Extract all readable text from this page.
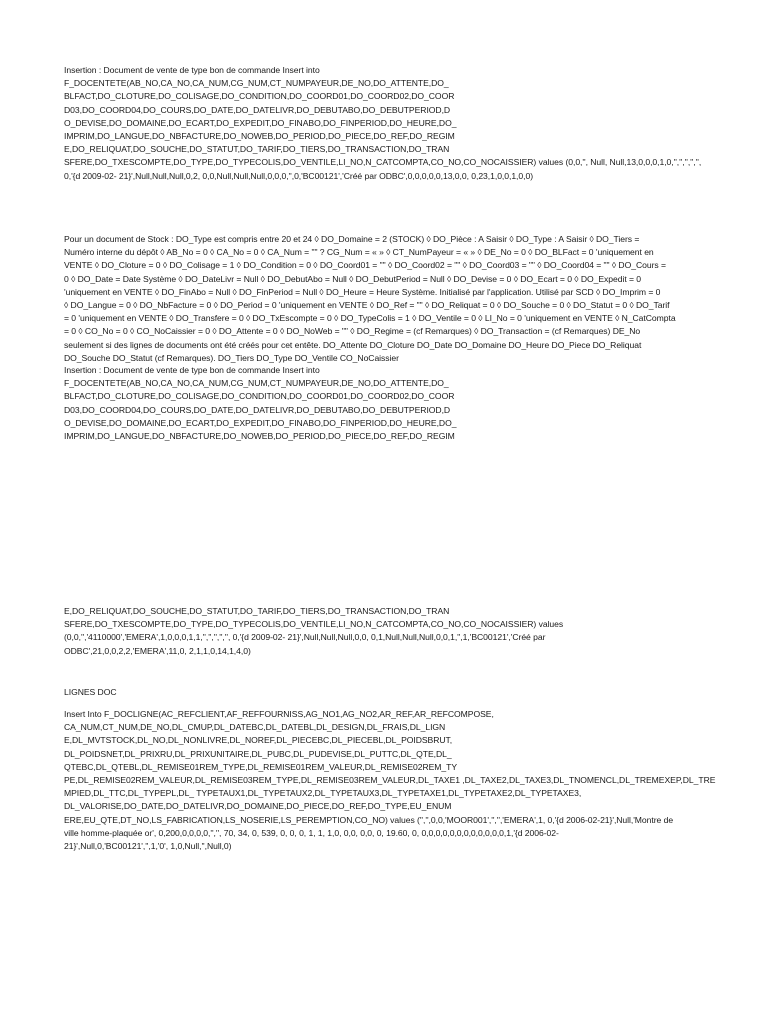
Insertion : Document de vente de type bon de commande Insert into
F_DOCENTETE(AB_NO,CA_NO,CA_NUM,CG_NUM,CT_NUMPAYEUR,DE_NO,DO_ATTENTE,DO_
BLFACT,DO_CLOTURE,DO_COLISAGE,DO_CONDITION,DO_COORD01,DO_COORD02,DO_COOR
D03,DO_COORD04,DO_COURS,DO_DATE,DO_DATELIVR,DO_DEBUTABO,DO_DEBUTPERIOD,D
O_DEVISE,DO_DOMAINE,DO_ECART,DO_EXPEDIT,DO_FINABO,DO_FINPERIOD,DO_HEURE,DO_
IMPRIM,DO_LANGUE,DO_NBFACTURE,DO_NOWEB,DO_PERIOD,DO_PIECE,DO_REF,DO_REGIM
E,DO_RELIQUAT,DO_SOUCHE,DO_STATUT,DO_TARIF,DO_TIERS,DO_TRANSACTION,DO_TRAN
SFERE,DO_TXESCOMPTE,DO_TYPE,DO_TYPECOLIS,DO_VENTILE,LI_NO,N_CATCOMPTA,CO_NO,CO_NOCAISSIER) values (0,0,'', Null, Null,13,0,0,0,1,0,'','','','','',
0,'{d 2009-02- 21}',Null,Null,Null,0,2, 0,0,Null,Null,Null,0,0,0,'',0,'BC00121','Créé par ODBC',0,0,0,0,0,13,0,0, 0,23,1,0,0,1,0,0)
Pour un document de Stock : DO_Type est compris entre 20 et 24 ◊ DO_Domaine = 2 (STOCK) ◊ DO_Pièce : A Saisir ◊ DO_Type : A Saisir ◊ DO_Tiers =
Numéro interne du dépôt ◊ AB_No = 0 ◊ CA_No = 0 ◊ CA_Num = "" ? CG_Num = « » ◊ CT_NumPayeur = « » ◊ DE_No = 0 ◊ DO_BLFact = 0 'uniquement en
VENTE ◊ DO_Cloture = 0 ◊ DO_Colisage = 1 ◊ DO_Condition = 0 ◊ DO_Coord01 = "" ◊ DO_Coord02 = "" ◊ DO_Coord03 = "" ◊ DO_Coord04 = "" ◊ DO_Cours =
0 ◊ DO_Date = Date Système ◊ DO_DateLivr = Null ◊ DO_DebutAbo = Null ◊ DO_DebutPeriod = Null ◊ DO_Devise = 0 ◊ DO_Ecart = 0 ◊ DO_Expedit = 0
'uniquement en VENTE ◊ DO_FinAbo = Null ◊ DO_FinPeriod = Null ◊ DO_Heure = Heure Système. Initialisé par l'application. Utilisé par SCD ◊ DO_Imprim = 0
◊ DO_Langue = 0 ◊ DO_NbFacture = 0 ◊ DO_Period = 0 'uniquement en VENTE ◊ DO_Ref = "" ◊ DO_Reliquat = 0 ◊ DO_Souche = 0 ◊ DO_Statut = 0 ◊ DO_Tarif
= 0 'uniquement en VENTE ◊ DO_Transfere = 0 ◊ DO_TxEscompte = 0 ◊ DO_TypeColis = 1 ◊ DO_Ventile = 0 ◊ LI_No = 0 'uniquement en VENTE ◊ N_CatCompta
= 0 ◊ CO_No = 0 ◊ CO_NoCaissier = 0 ◊ DO_Attente = 0 ◊ DO_NoWeb = "" ◊ DO_Regime = (cf Remarques) ◊ DO_Transaction = (cf Remarques) DE_No
seulement si des lignes de documents ont été créés pour cet entête. DO_Attente DO_Cloture DO_Date DO_Domaine DO_Heure DO_Piece DO_Reliquat
DO_Souche DO_Statut (cf Remarques). DO_Tiers DO_Type DO_Ventile CO_NoCaissier
Insertion : Document de vente de type bon de commande Insert into
F_DOCENTETE(AB_NO,CA_NO,CA_NUM,CG_NUM,CT_NUMPAYEUR,DE_NO,DO_ATTENTE,DO_
BLFACT,DO_CLOTURE,DO_COLISAGE,DO_CONDITION,DO_COORD01,DO_COORD02,DO_COOR
D03,DO_COORD04,DO_COURS,DO_DATE,DO_DATELIVR,DO_DEBUTABO,DO_DEBUTPERIOD,D
O_DEVISE,DO_DOMAINE,DO_ECART,DO_EXPEDIT,DO_FINABO,DO_FINPERIOD,DO_HEURE,DO_
IMPRIM,DO_LANGUE,DO_NBFACTURE,DO_NOWEB,DO_PERIOD,DO_PIECE,DO_REF,DO_REGIM
E,DO_RELIQUAT,DO_SOUCHE,DO_STATUT,DO_TARIF,DO_TIERS,DO_TRANSACTION,DO_TRAN
SFERE,DO_TXESCOMPTE,DO_TYPE,DO_TYPECOLIS,DO_VENTILE,LI_NO,N_CATCOMPTA,CO_NO,CO_NOCAISSIER) values
(0,0,'','4110000','EMERA',1,0,0,0,1,1,'','','','','', 0,'{d 2009-02- 21}',Null,Null,Null,0,0, 0,1,Null,Null,Null,0,0,1,'',1,'BC00121','Créé par
ODBC',21,0,0,2,2,'EMERA',11,0, 2,1,1,0,14,1,4,0)
LIGNES DOC
Insert Into F_DOCLIGNE(AC_REFCLIENT,AF_REFFOURNISS,AG_NO1,AG_NO2,AR_REF,AR_REFCOMPOSE,
CA_NUM,CT_NUM,DE_NO,DL_CMUP,DL_DATEBC,DL_DATEBL,DL_DESIGN,DL_FRAIS,DL_LIGN
E,DL_MVTSTOCK,DL_NO,DL_NONLIVRE,DL_NOREF,DL_PIECEBC,DL_PIECEBL,DL_POIDSBRUT,
DL_POIDSNET,DL_PRIXRU,DL_PRIXUNITAIRE,DL_PUBC,DL_PUDEVISE,DL_PUTTC,DL_QTE,DL_
QTEBC,DL_QTEBL,DL_REMISE01REM_TYPE,DL_REMISE01REM_VALEUR,DL_REMISE02REM_TY
PE,DL_REMISE02REM_VALEUR,DL_REMISE03REM_TYPE,DL_REMISE03REM_VALEUR,DL_TAXE1 ,DL_TAXE2,DL_TAXE3,DL_TNOMENCL,DL_TREMEXEP,DL_TRE
MPIED,DL_TTC,DL_TYPEPL,DL_ TYPETAUX1,DL_TYPETAUX2,DL_TYPETAUX3,DL_TYPETAXE1,DL_TYPETAXE2,DL_TYPETAXE3,
DL_VALORISE,DO_DATE,DO_DATELIVR,DO_DOMAINE,DO_PIECE,DO_REF,DO_TYPE,EU_ENUM
ERE,EU_QTE,DT_NO,LS_FABRICATION,LS_NOSERIE,LS_PEREMPTION,CO_NO) values ('','',0,0,'MOOR001','','','EMERA',1, 0,'{d 2006-02-21}',Null,'Montre de
ville homme-plaquée or', 0,200,0,0,0,0,'','', 70, 34, 0, 539, 0, 0, 0, 1, 1, 1,0, 0,0, 0,0, 0, 19.60, 0, 0,0,0,0,0,0,0,0,0,0,0,0,1,'{d 2006-02-
21}',Null,0,'BC00121','',1,'0', 1,0,Null,'',Null,0)
